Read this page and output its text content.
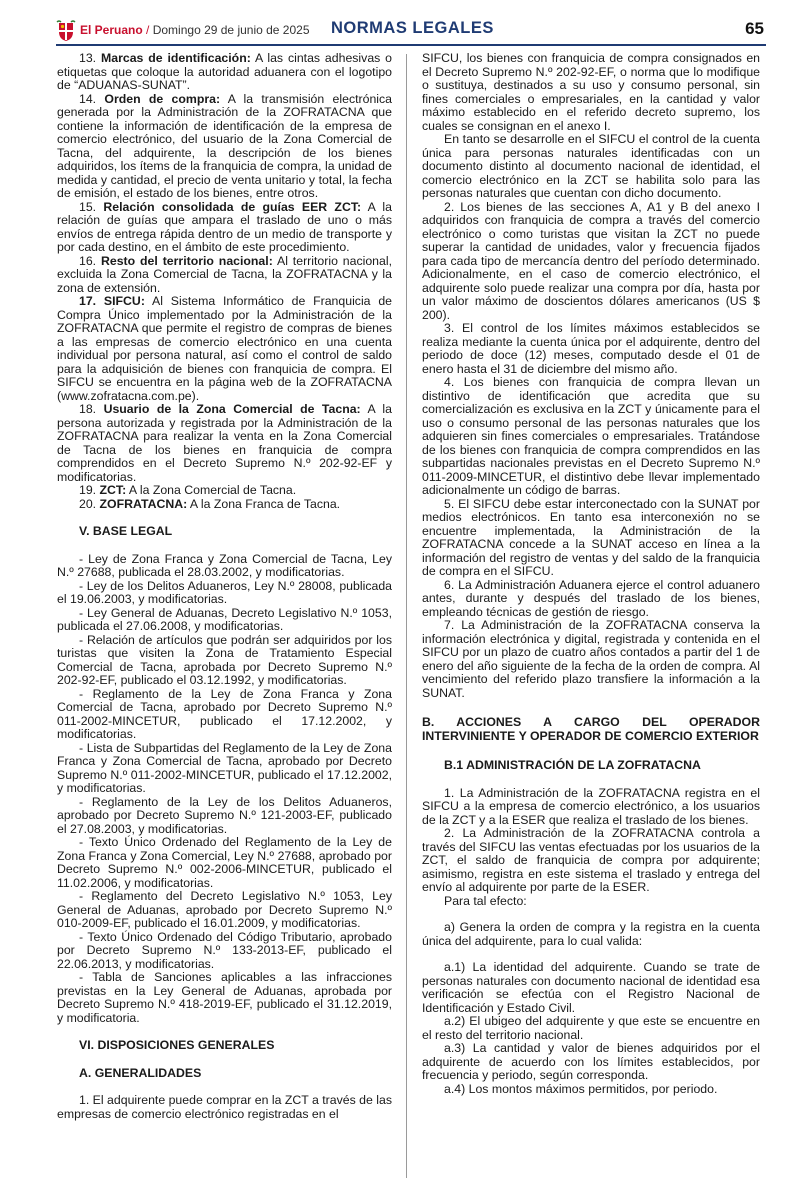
El Peruano / Domingo 29 de junio de 2025 NORMAS LEGALES	65

13. Marcas de identificación: A las cintas adhesivas o etiquetas que coloque la autoridad aduanera con el logotipo de “ADUANAS-SUNAT”.

14. Orden de compra: A la transmisión electrónica generada por la Administración de la ZOFRATACNA que contiene la información de identificación de la empresa de comercio electrónico, del usuario de la Zona Comercial de Tacna, del adquirente, la descripción de los bienes adquiridos, los ítems de la franquicia de compra, la unidad de medida y cantidad, el precio de venta unitario y total, la fecha de emisión, el estado de los bienes, entre otros.

15. Relación consolidada de guías EER ZCT: A la relación de guías que ampara el traslado de uno o más envíos de entrega rápida dentro de un medio de transporte y por cada destino, en el ámbito de este procedimiento.

16. Resto del territorio nacional: Al territorio nacional, excluida la Zona Comercial de Tacna, la ZOFRATACNA y la zona de extensión.

17. SIFCU: Al Sistema Informático de Franquicia de Compra Único implementado por la Administración de la ZOFRATACNA que permite el registro de compras de bienes a las empresas de comercio electrónico en una cuenta individual por persona natural, así como el control de saldo para la adquisición de bienes con franquicia de compra. El SIFCU se encuentra en la página web de la ZOFRATACNA (www.zofratacna.com.pe).

18. Usuario de la Zona Comercial de Tacna: A la persona autorizada y registrada por la Administración de la ZOFRATACNA para realizar la venta en la Zona Comercial de Tacna de los bienes en franquicia de compra comprendidos en el Decreto Supremo N.º 202-92-EF y modificatorias.

19. ZCT: A la Zona Comercial de Tacna.

20. ZOFRATACNA: A la Zona Franca de Tacna.

V. BASE LEGAL

- Ley de Zona Franca y Zona Comercial de Tacna, Ley N.º 27688, publicada el 28.03.2002, y modificatorias.

- Ley de los Delitos Aduaneros, Ley N.º 28008, publicada el 19.06.2003, y modificatorias.

- Ley General de Aduanas, Decreto Legislativo N.º 1053, publicada el 27.06.2008, y modificatorias.

- Relación de artículos que podrán ser adquiridos por los turistas que visiten la Zona de Tratamiento Especial Comercial de Tacna, aprobada por Decreto Supremo N.º 202-92-EF, publicado el 03.12.1992, y modificatorias.

- Reglamento de la Ley de Zona Franca y Zona Comercial de Tacna, aprobado por Decreto Supremo N.º 011-2002-MINCETUR, publicado el 17.12.2002, y modificatorias.

- Lista de Subpartidas del Reglamento de la Ley de Zona Franca y Zona Comercial de Tacna, aprobado por Decreto Supremo N.º 011-2002-MINCETUR, publicado el 17.12.2002, y modificatorias.

- Reglamento de la Ley de los Delitos Aduaneros, aprobado por Decreto Supremo N.º 121-2003-EF, publicado el 27.08.2003, y modificatorias.

- Texto Único Ordenado del Reglamento de la Ley de Zona Franca y Zona Comercial, Ley N.º 27688, aprobado por Decreto Supremo N.º 002-2006-MINCETUR, publicado el 11.02.2006, y modificatorias.

- Reglamento del Decreto Legislativo N.º 1053, Ley General de Aduanas, aprobado por Decreto Supremo N.º 010-2009-EF, publicado el 16.01.2009, y modificatorias.

- Texto Único Ordenado del Código Tributario, aprobado por Decreto Supremo N.º 133-2013-EF, publicado el 22.06.2013, y modificatorias.

- Tabla de Sanciones aplicables a las infracciones previstas en la Ley General de Aduanas, aprobada por Decreto Supremo N.º 418-2019-EF, publicado el 31.12.2019, y modificatoria.

VI. DISPOSICIONES GENERALES
A. GENERALIDADES

1. El adquirente puede comprar en la ZCT a través de las empresas de comercio electrónico registradas en el

SIFCU, los bienes con franquicia de compra consignados en el Decreto Supremo N.º 202-92-EF, o norma que lo modifique o sustituya, destinados a su uso y consumo personal, sin fines comerciales o empresariales, en la cantidad y valor máximo establecido en el referido decreto supremo, los cuales se consignan en el anexo I.

En tanto se desarrolle en el SIFCU el control de la cuenta única para personas naturales identificadas con un documento distinto al documento nacional de identidad, el comercio electrónico en la ZCT se habilita solo para las personas naturales que cuentan con dicho documento.

2. Los bienes de las secciones A, A1 y B del anexo I adquiridos con franquicia de compra a través del comercio electrónico o como turistas que visitan la ZCT no puede superar la cantidad de unidades, valor y frecuencia fijados para cada tipo de mercancía dentro del período determinado. Adicionalmente, en el caso de comercio electrónico, el adquirente solo puede realizar una compra por día, hasta por un valor máximo de doscientos dólares americanos (US $ 200).

3. El control de los límites máximos establecidos se realiza mediante la cuenta única por el adquirente, dentro del periodo de doce (12) meses, computado desde el 01 de enero hasta el 31 de diciembre del mismo año.

4. Los bienes con franquicia de compra llevan un distintivo de identificación que acredita que su comercialización es exclusiva en la ZCT y únicamente para el uso o consumo personal de las personas naturales que los adquieren sin fines comerciales o empresariales. Tratándose de los bienes con franquicia de compra comprendidos en las subpartidas nacionales previstas en el Decreto Supremo N.º 011-2009-MINCETUR, el distintivo debe llevar implementado adicionalmente un código de barras.

5. El SIFCU debe estar interconectado con la SUNAT por medios electrónicos. En tanto esa interconexión no se encuentre implementada, la Administración de la ZOFRATACNA concede a la SUNAT acceso en línea a la información del registro de ventas y del saldo de la franquicia de compra en el SIFCU.

6. La Administración Aduanera ejerce el control aduanero antes, durante y después del traslado de los bienes, empleando técnicas de gestión de riesgo.

7. La Administración de la ZOFRATACNA conserva la información electrónica y digital, registrada y contenida en el SIFCU por un plazo de cuatro años contados a partir del 1 de enero del año siguiente de la fecha de la orden de compra. Al vencimiento del referido plazo transfiere la información a la SUNAT.

B. ACCIONES A CARGO DEL OPERADOR INTERVINIENTE Y OPERADOR DE COMERCIO EXTERIOR
B.1 ADMINISTRACIÓN DE LA ZOFRATACNA

1. La Administración de la ZOFRATACNA registra en el SIFCU a la empresa de comercio electrónico, a los usuarios de la ZCT y a la ESER que realiza el traslado de los bienes.

2. La Administración de la ZOFRATACNA controla a través del SIFCU las ventas efectuadas por los usuarios de la ZCT, el saldo de franquicia de compra por adquirente; asimismo, registra en este sistema el traslado y entrega del envío al adquirente por parte de la ESER.

Para tal efecto:

a) Genera la orden de compra y la registra en la cuenta única del adquirente, para lo cual valida:

a.1) La identidad del adquirente. Cuando se trate de personas naturales con documento nacional de identidad esa verificación se efectúa con el Registro Nacional de Identificación y Estado Civil.

a.2) El ubigeo del adquirente y que este se encuentre en el resto del territorio nacional.

a.3) La cantidad y valor de bienes adquiridos por el adquirente de acuerdo con los límites establecidos, por frecuencia y periodo, según corresponda.

a.4) Los montos máximos permitidos, por periodo.
